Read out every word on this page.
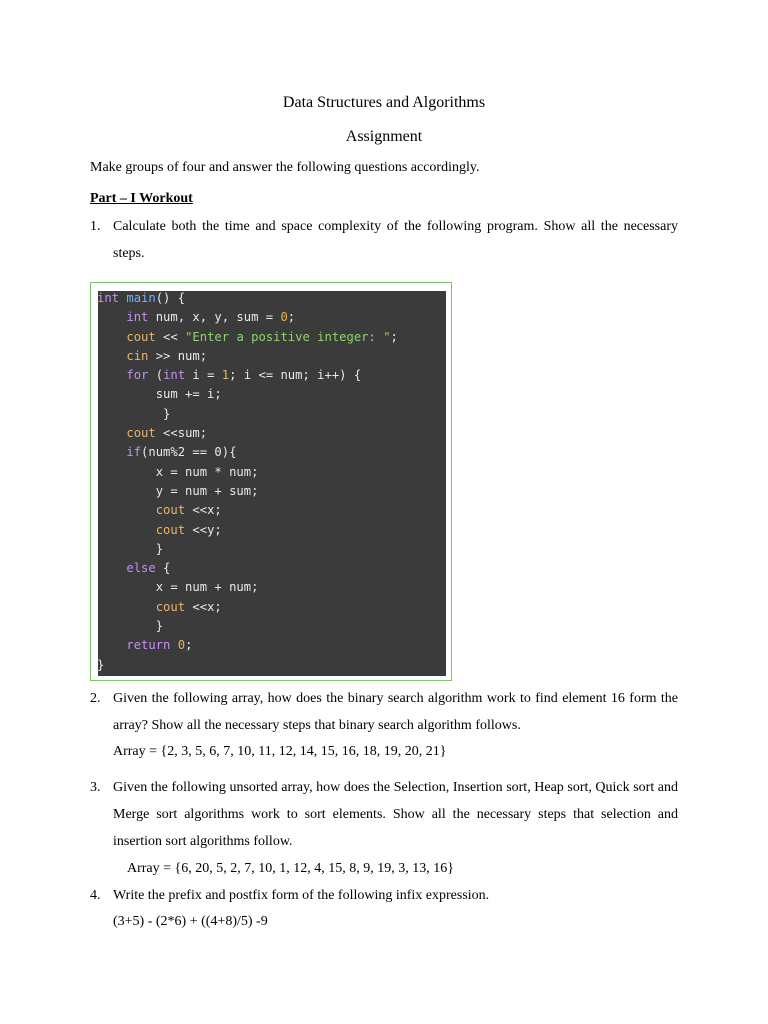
Data Structures and Algorithms
Assignment
Make groups of four and answer the following questions accordingly.
Part – I Workout
1. Calculate both the time and space complexity of the following program. Show all the necessary steps.
int main() {
int num, x, y, sum = 0;
cout << "Enter a positive integer: ";
cin >> num;
for (int i = 1; i <= num; i++) {
sum += i;
}
cout <<sum;
if(num%2 == 0){
x = num * num;
y = num + sum;
cout <<x;
cout <<y;
}
else {
x = num + num;
cout <<x;
}
return 0;
}
2. Given the following array, how does the binary search algorithm work to find element 16 form the array? Show all the necessary steps that binary search algorithm follows.
Array = {2, 3, 5, 6, 7, 10, 11, 12, 14, 15, 16, 18, 19, 20, 21}
3. Given the following unsorted array, how does the Selection, Insertion sort, Heap sort, Quick sort and Merge sort algorithms work to sort elements. Show all the necessary steps that selection and insertion sort algorithms follow.
Array = {6, 20, 5, 2, 7, 10, 1, 12, 4, 15, 8, 9, 19, 3, 13, 16}
4. Write the prefix and postfix form of the following infix expression.
(3+5) - (2*6) + ((4+8)/5) -9
